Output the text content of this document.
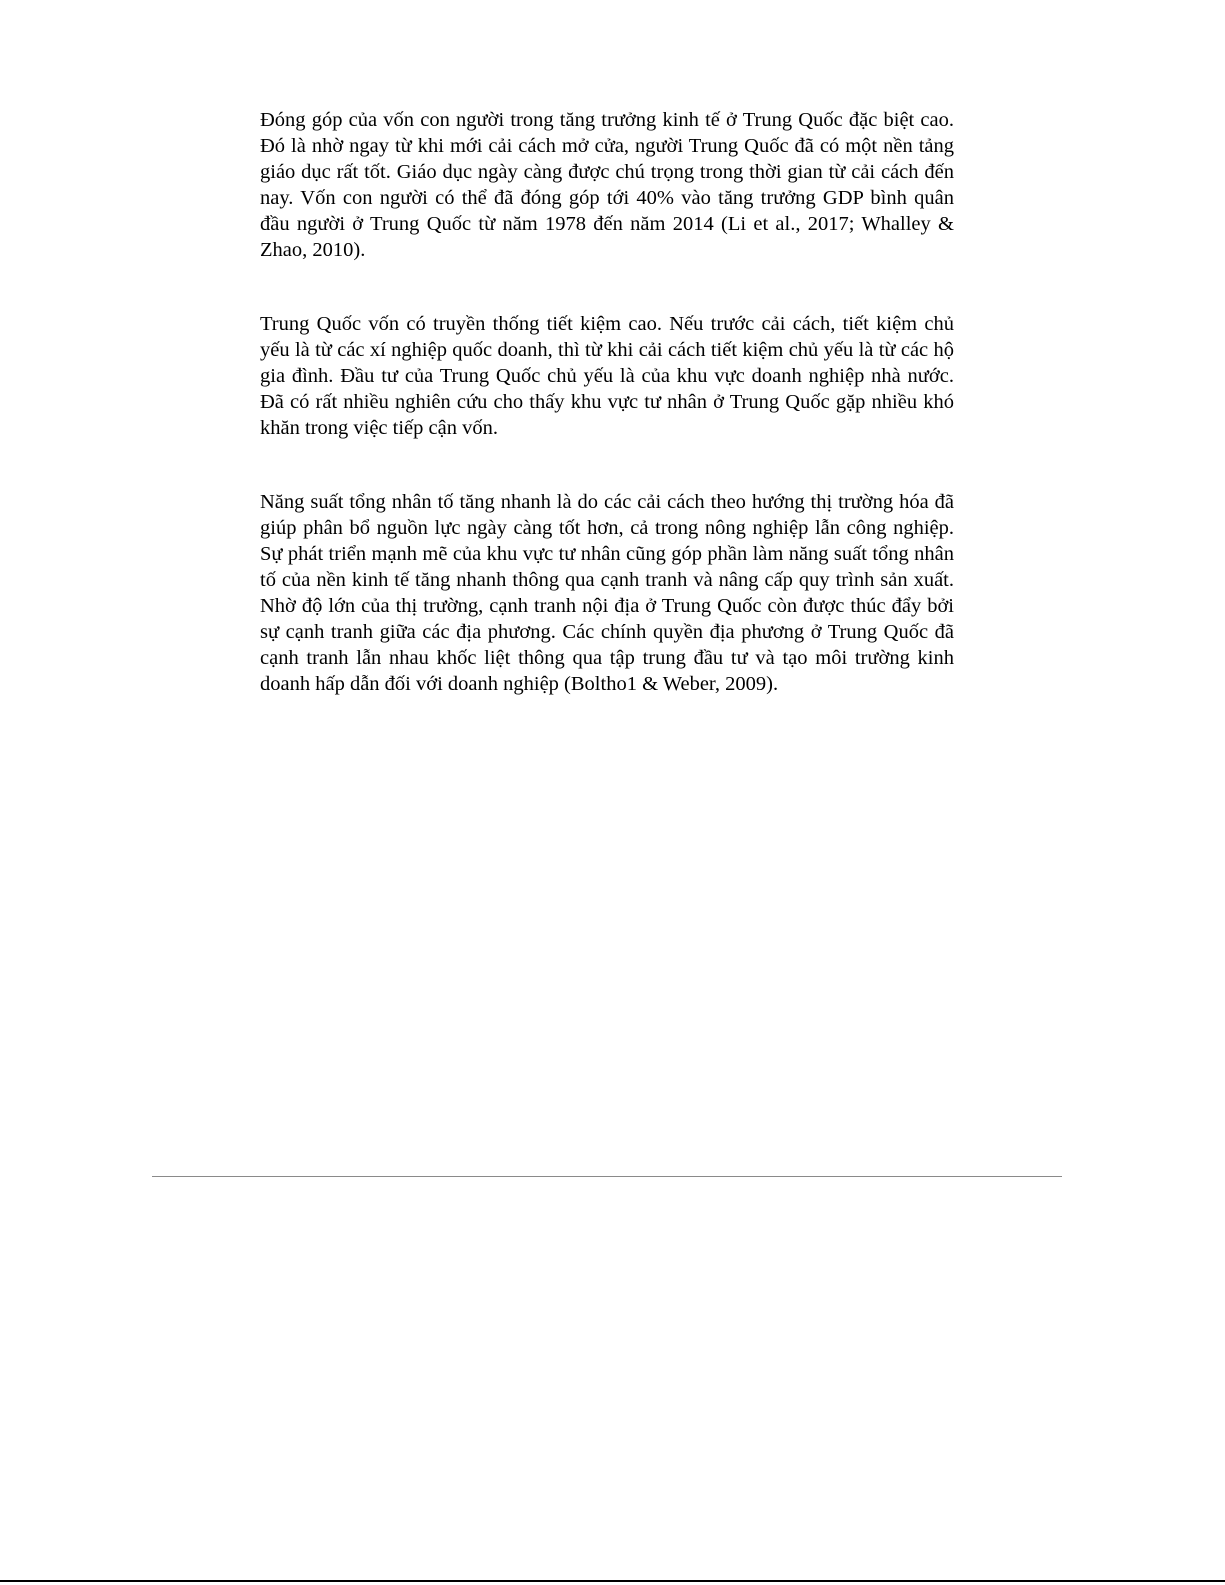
Đóng góp của vốn con người trong tăng trưởng kinh tế ở Trung Quốc đặc biệt cao. Đó là nhờ ngay từ khi mới cải cách mở cửa, người Trung Quốc đã có một nền tảng giáo dục rất tốt. Giáo dục ngày càng được chú trọng trong thời gian từ cải cách đến nay. Vốn con người có thể đã đóng góp tới 40% vào tăng trưởng GDP bình quân đầu người ở Trung Quốc từ năm 1978 đến năm 2014 (Li et al., 2017; Whalley & Zhao, 2010).

Trung Quốc vốn có truyền thống tiết kiệm cao. Nếu trước cải cách, tiết kiệm chủ yếu là từ các xí nghiệp quốc doanh, thì từ khi cải cách tiết kiệm chủ yếu là từ các hộ gia đình. Đầu tư của Trung Quốc chủ yếu là của khu vực doanh nghiệp nhà nước. Đã có rất nhiều nghiên cứu cho thấy khu vực tư nhân ở Trung Quốc gặp nhiều khó khăn trong việc tiếp cận vốn.

Năng suất tổng nhân tố tăng nhanh là do các cải cách theo hướng thị trường hóa đã giúp phân bổ nguồn lực ngày càng tốt hơn, cả trong nông nghiệp lẫn công nghiệp. Sự phát triển mạnh mẽ của khu vực tư nhân cũng góp phần làm năng suất tổng nhân tố của nền kinh tế tăng nhanh thông qua cạnh tranh và nâng cấp quy trình sản xuất. Nhờ độ lớn của thị trường, cạnh tranh nội địa ở Trung Quốc còn được thúc đẩy bởi sự cạnh tranh giữa các địa phương. Các chính quyền địa phương ở Trung Quốc đã cạnh tranh lẫn nhau khốc liệt thông qua tập trung đầu tư và tạo môi trường kinh doanh hấp dẫn đối với doanh nghiệp (Boltho1 & Weber, 2009).
